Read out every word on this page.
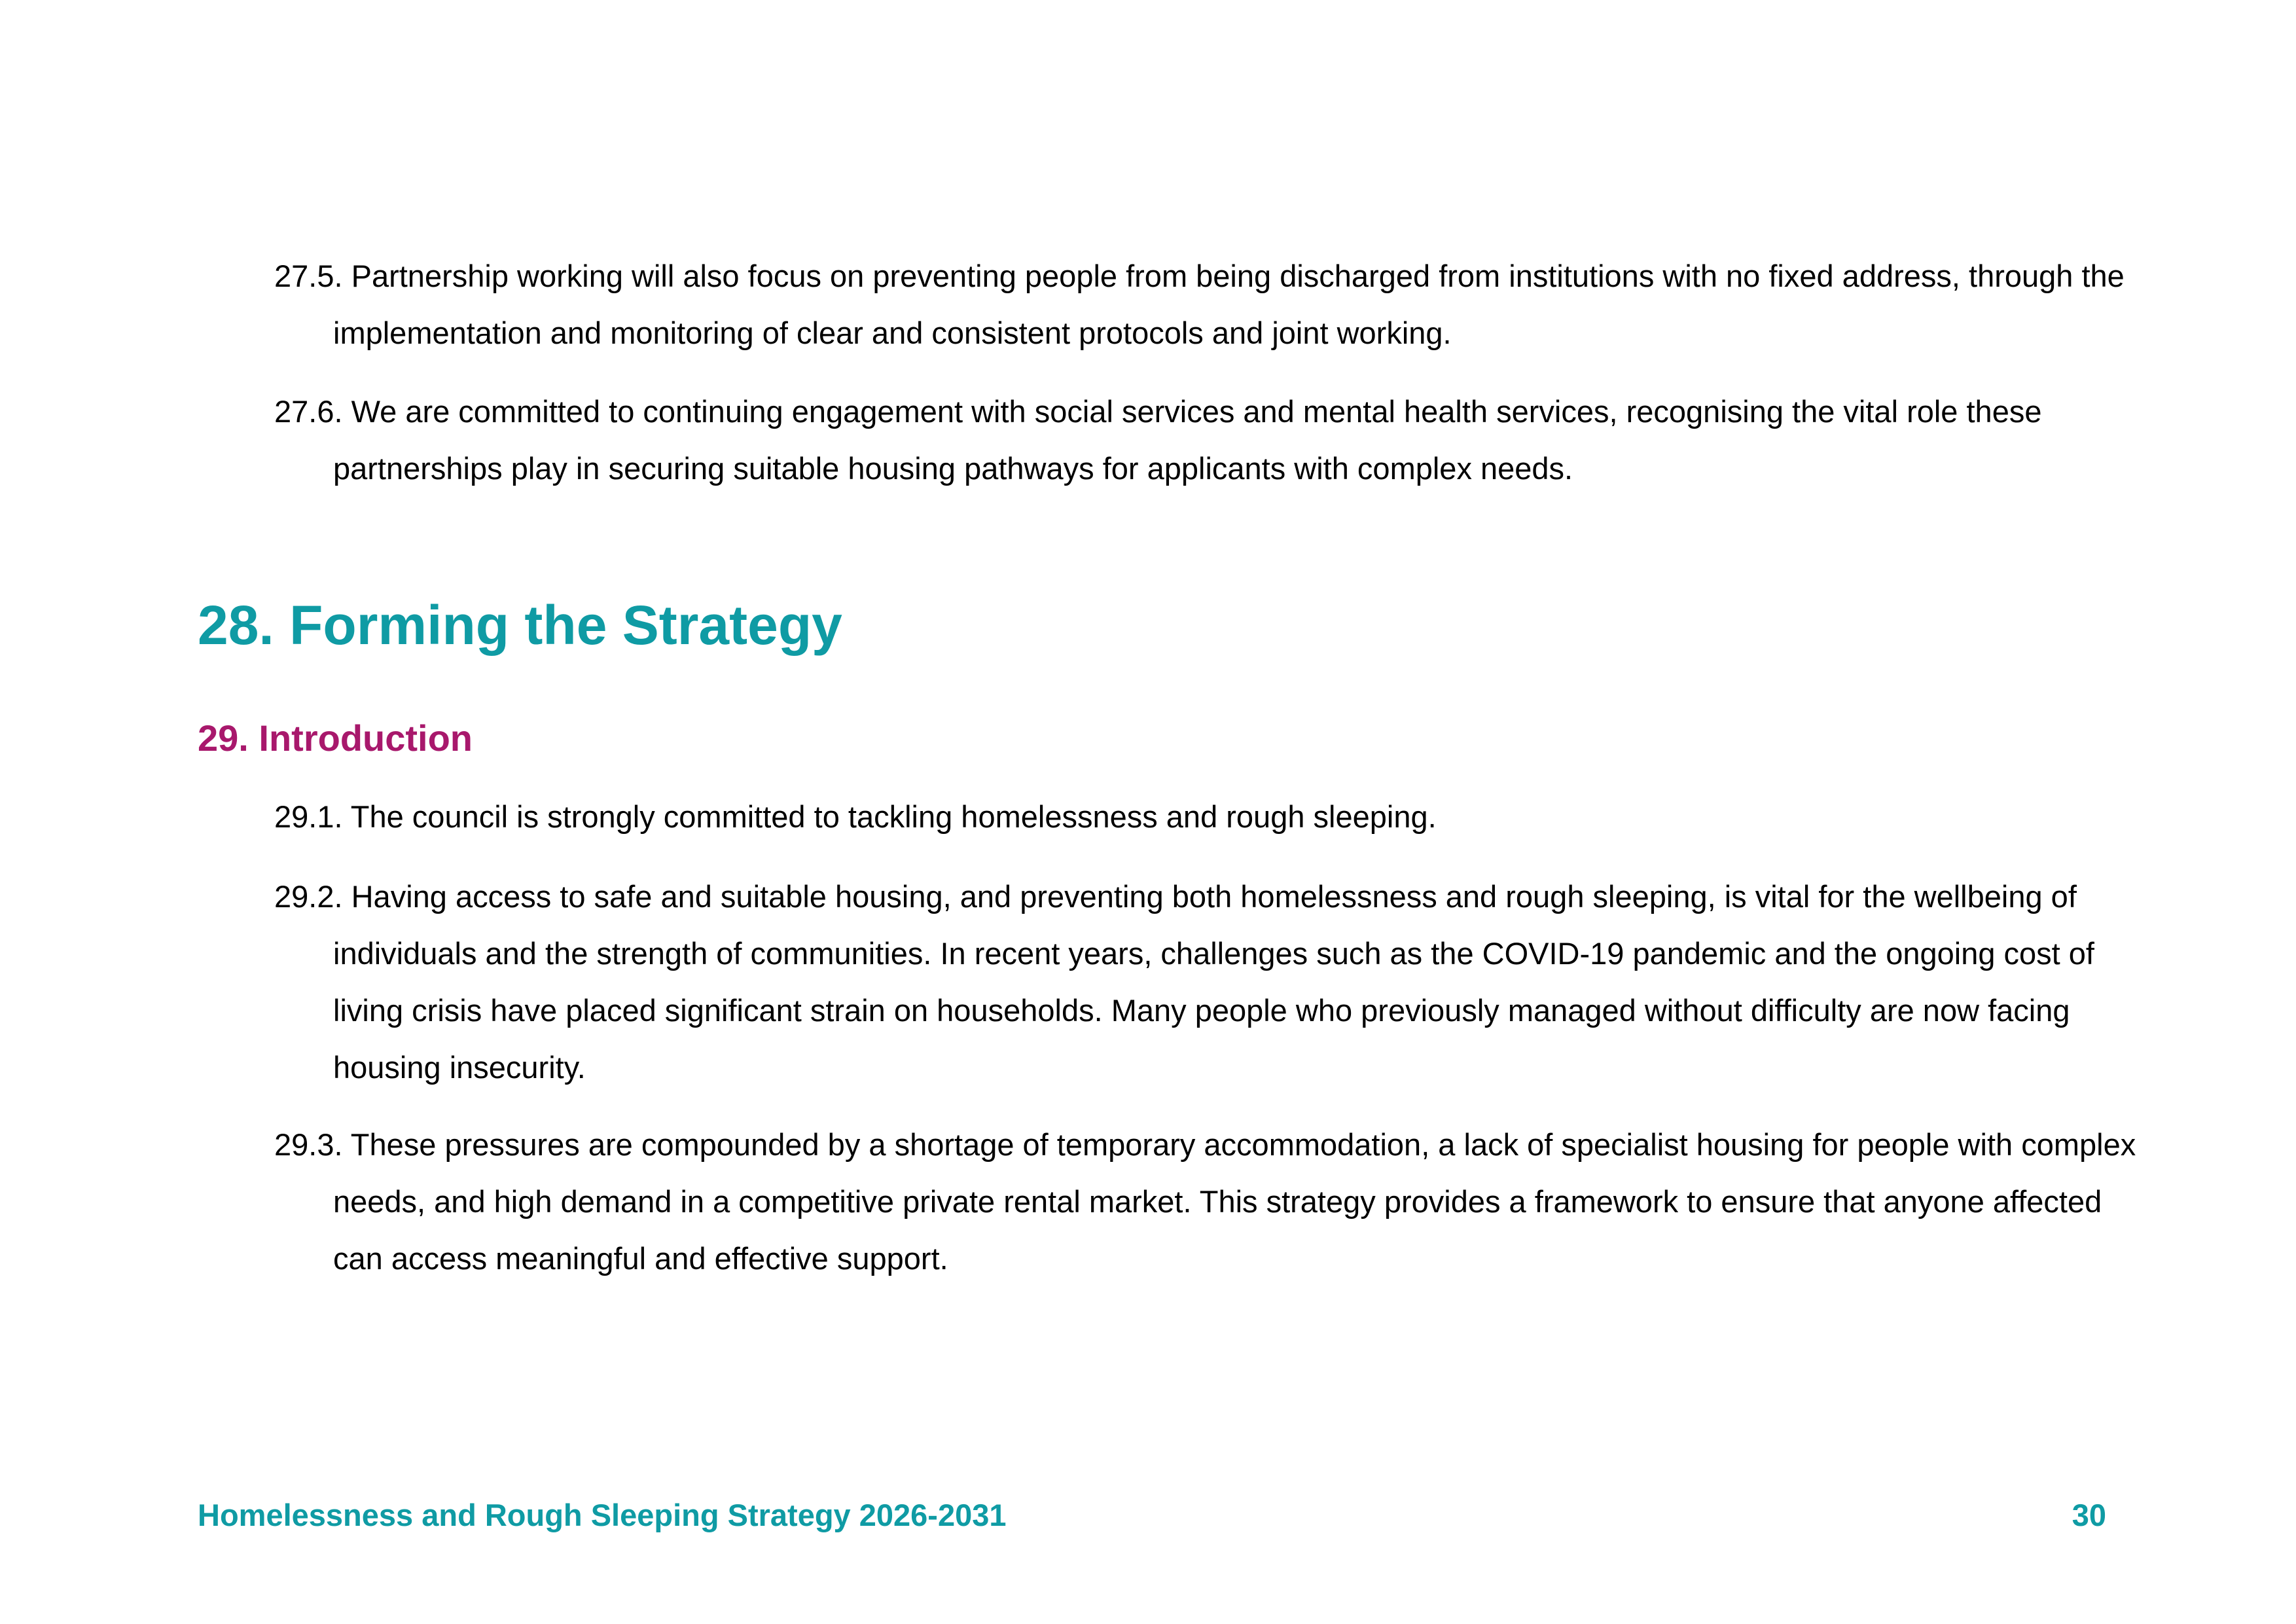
27.5. Partnership working will also focus on preventing people from being discharged from institutions with no fixed address, through the implementation and monitoring of clear and consistent protocols and joint working.

27.6. We are committed to continuing engagement with social services and mental health services, recognising the vital role these partnerships play in securing suitable housing pathways for applicants with complex needs.

28. Forming the Strategy
29. Introduction

29.1. The council is strongly committed to tackling homelessness and rough sleeping.

29.2. Having access to safe and suitable housing, and preventing both homelessness and rough sleeping, is vital for the wellbeing of individuals and the strength of communities. In recent years, challenges such as the COVID-19 pandemic and the ongoing cost of living crisis have placed significant strain on households. Many people who previously managed without difficulty are now facing housing insecurity.

29.3. These pressures are compounded by a shortage of temporary accommodation, a lack of specialist housing for people with complex needs, and high demand in a competitive private rental market. This strategy provides a framework to ensure that anyone affected can access meaningful and effective support.

Homelessness and Rough Sleeping Strategy 2026-2031	30
